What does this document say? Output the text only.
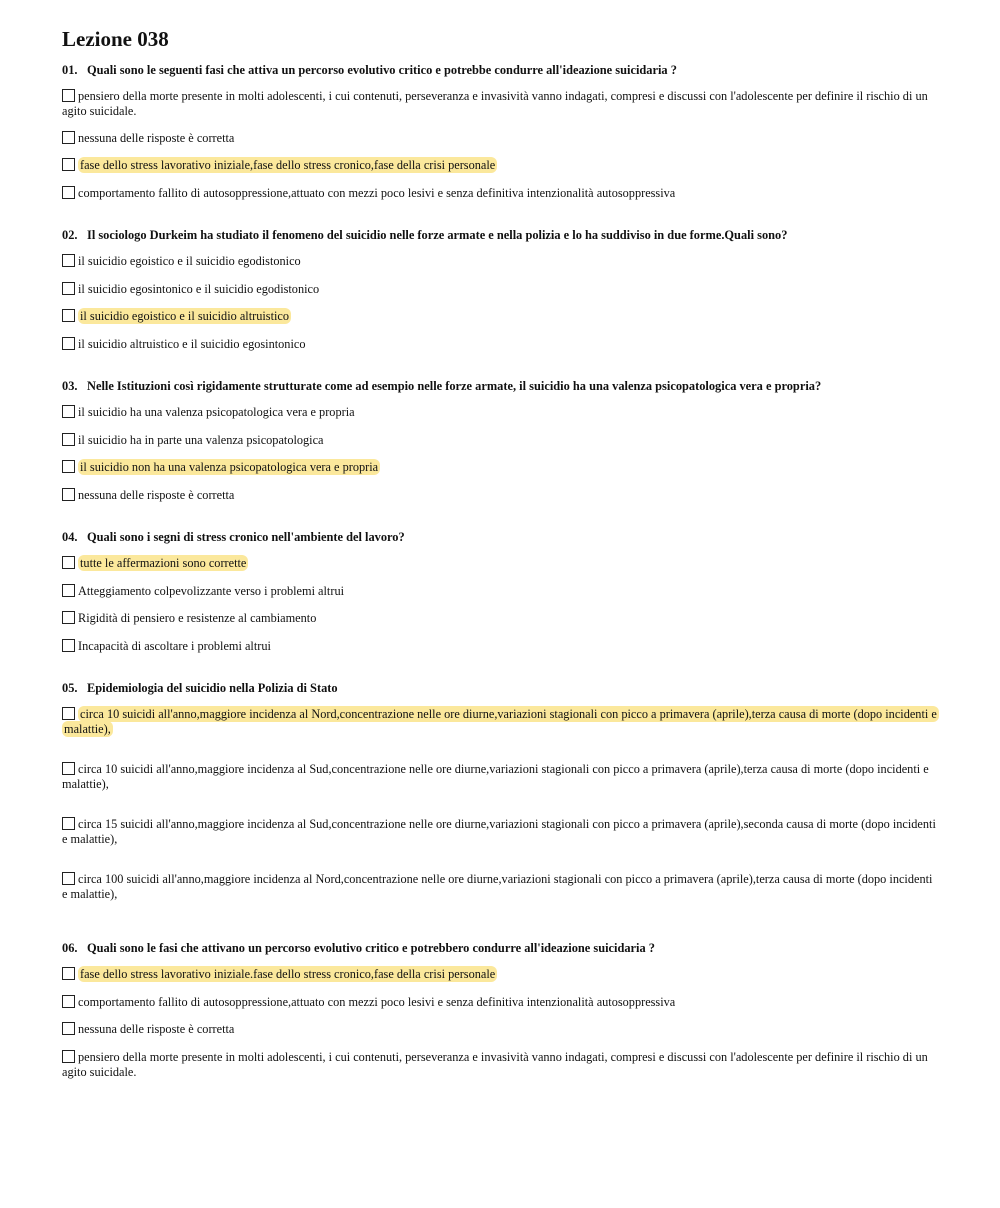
Lezione 038
01. Quali sono le seguenti fasi che attiva un percorso evolutivo critico e potrebbe condurre all'ideazione suicidaria ?
pensiero della morte presente in molti adolescenti, i cui contenuti, perseveranza e invasività vanno indagati, compresi e discussi con l'adolescente per definire il rischio di un agito suicidale.
nessuna delle risposte è corretta
fase dello stress lavorativo iniziale,fase dello stress cronico,fase della crisi personale
comportamento fallito di autosoppressione,attuato con mezzi poco lesivi e senza definitiva intenzionalità autosoppressiva
02. Il sociologo Durkeim ha studiato il fenomeno del suicidio nelle forze armate e nella polizia e lo ha suddiviso in due forme.Quali sono?
il suicidio egoistico e il suicidio egodistonico
il suicidio egosintonico e il suicidio egodistonico
il suicidio egoistico e il suicidio altruistico
il suicidio altruistico e il suicidio egosintonico
03. Nelle Istituzioni così rigidamente strutturate come ad esempio nelle forze armate, il suicidio ha una valenza psicopatologica vera e propria?
il suicidio ha una valenza psicopatologica vera e propria
il suicidio ha in parte una valenza psicopatologica
il suicidio non ha una valenza psicopatologica vera e propria
nessuna delle risposte è corretta
04. Quali sono i segni di stress cronico nell'ambiente del lavoro?
tutte le affermazioni sono corrette
Atteggiamento colpevolizzante verso i problemi altrui
Rigidità di pensiero e resistenze al cambiamento
Incapacità di ascoltare i problemi altrui
05. Epidemiologia del suicidio nella Polizia di Stato
circa 10 suicidi all'anno,maggiore incidenza al Nord,concentrazione nelle ore diurne,variazioni stagionali con picco a primavera (aprile),terza causa di morte (dopo incidenti e malattie),
circa 10 suicidi all'anno,maggiore incidenza al Sud,concentrazione nelle ore diurne,variazioni stagionali con picco a primavera (aprile),terza causa di morte (dopo incidenti e malattie),
circa 15 suicidi all'anno,maggiore incidenza al Sud,concentrazione nelle ore diurne,variazioni stagionali con picco a primavera (aprile),seconda causa di morte (dopo incidenti e malattie),
circa 100 suicidi all'anno,maggiore incidenza al Nord,concentrazione nelle ore diurne,variazioni stagionali con picco a primavera (aprile),terza causa di morte (dopo incidenti e malattie),
06. Quali sono le fasi che attivano un percorso evolutivo critico e potrebbero condurre all'ideazione suicidaria ?
fase dello stress lavorativo iniziale.fase dello stress cronico,fase della crisi personale
comportamento fallito di autosoppressione,attuato con mezzi poco lesivi e senza definitiva intenzionalità autosoppressiva
nessuna delle risposte è corretta
pensiero della morte presente in molti adolescenti, i cui contenuti, perseveranza e invasività vanno indagati, compresi e discussi con l'adolescente per definire il rischio di un agito suicidale.
